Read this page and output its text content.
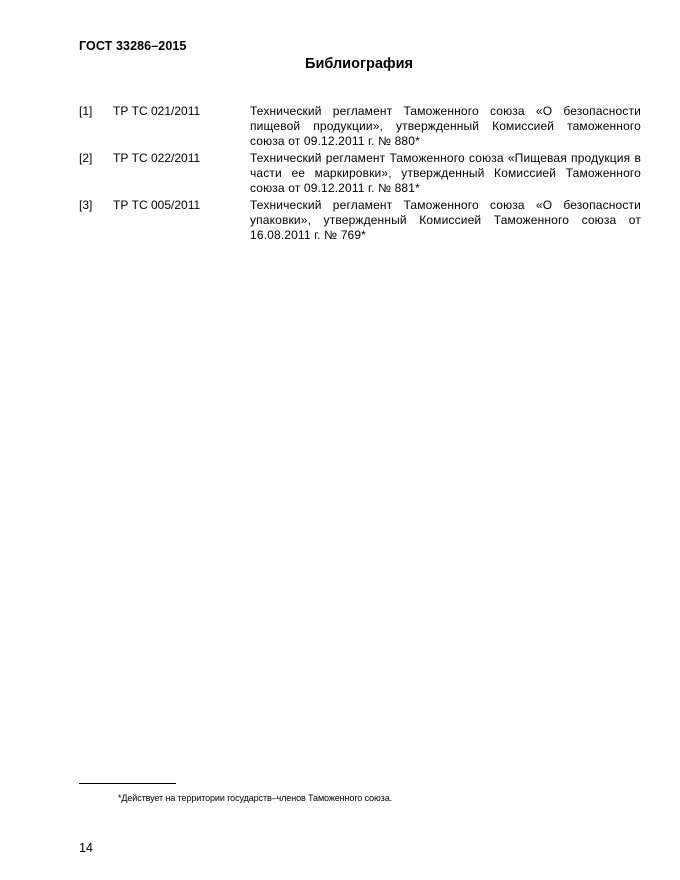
ГОСТ 33286–2015
Библиография
[1] ТР ТС 021/2011	Технический регламент Таможенного союза «О безопасности пищевой продукции», утвержденный Комиссией таможенного союза от 09.12.2011 г. № 880*
[2] ТР ТС 022/2011	Технический регламент Таможенного союза «Пищевая продукция в части ее маркировки», утвержденный Комиссией Таможенного союза от 09.12.2011 г. № 881*
[3] ТР ТС 005/2011	Технический регламент Таможенного союза «О безопасности упаковки», утвержденный Комиссией Таможенного союза от 16.08.2011 г. № 769*
*Действует на территории государств–членов Таможенного союза.
14
